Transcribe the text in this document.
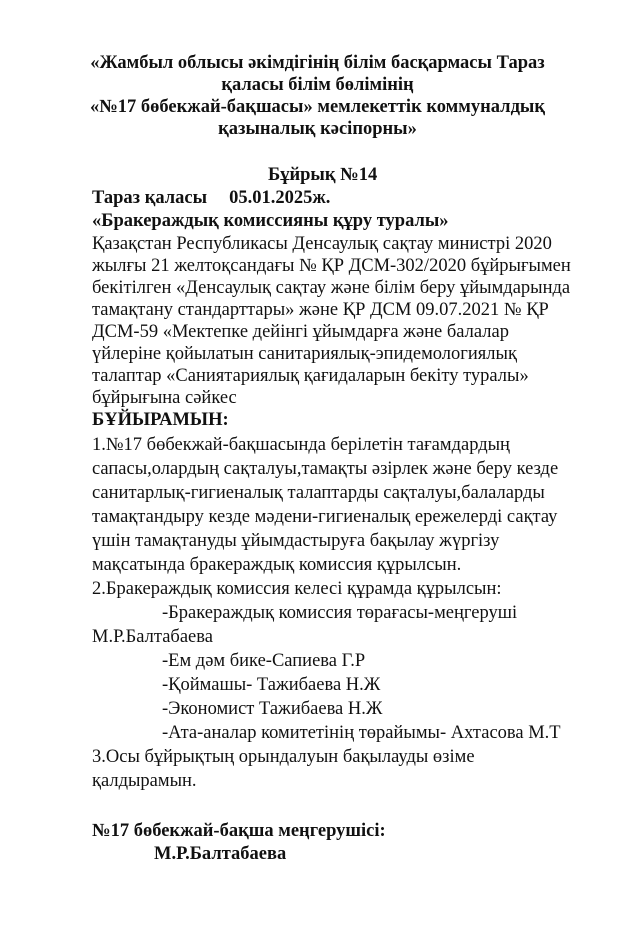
«Жамбыл облысы әкімдігінің білім басқармасы Тараз
қаласы білім бөлімінің
«№17 бөбекжай-бақшасы» мемлекеттік коммуналдық
қазыналық кәсіпорны»
Бұйрық №14
Тараз қаласы 05.01.2025ж.
«Бракераждық комиссияны құру туралы»
Қазақстан Республикасы Денсаулық сақтау министрі 2020
жылғы 21 желтоқсандағы № ҚР ДСМ-302/2020 бұйрығымен
бекітілген «Денсаулық сақтау және білім беру ұйымдарында
тамақтану стандарттары» және ҚР ДСМ 09.07.2021 № ҚР
ДСМ-59 «Мектепке дейінгі ұйымдарға және балалар
үйлеріне қойылатын санитариялық-эпидемологиялық
талаптар «Саниятариялық қағидаларын бекіту туралы»
бұйрығына сәйкес
БҰЙЫРАМЫН:
1.№17 бөбекжай-бақшасында берілетін тағамдардың
сапасы,олардың сақталуы,тамақты әзірлек және беру кезде
санитарлық-гигиеналық талаптарды сақталуы,балаларды
тамақтандыру кезде мәдени-гигиеналық ережелерді сақтау
үшін тамақтануды ұйымдастыруға бақылау жүргізу
мақсатында бракераждық комиссия құрылсын.
2.Бракераждық комиссия келесі құрамда құрылсын:
-Бракераждық комиссия төрағасы-меңгеруші
М.Р.Балтабаева
-Ем дәм бике-Сапиева Г.Р
-Қоймашы- Тажибаева Н.Ж
-Экономист Тажибаева Н.Ж
-Ата-аналар комитетінің төрайымы- Ахтасова М.Т
3.Осы бұйрықтың орындалуын бақылауды өзіме
қалдырамын.
№17 бөбекжай-бақша меңгерушісі:
М.Р.Балтабаева
